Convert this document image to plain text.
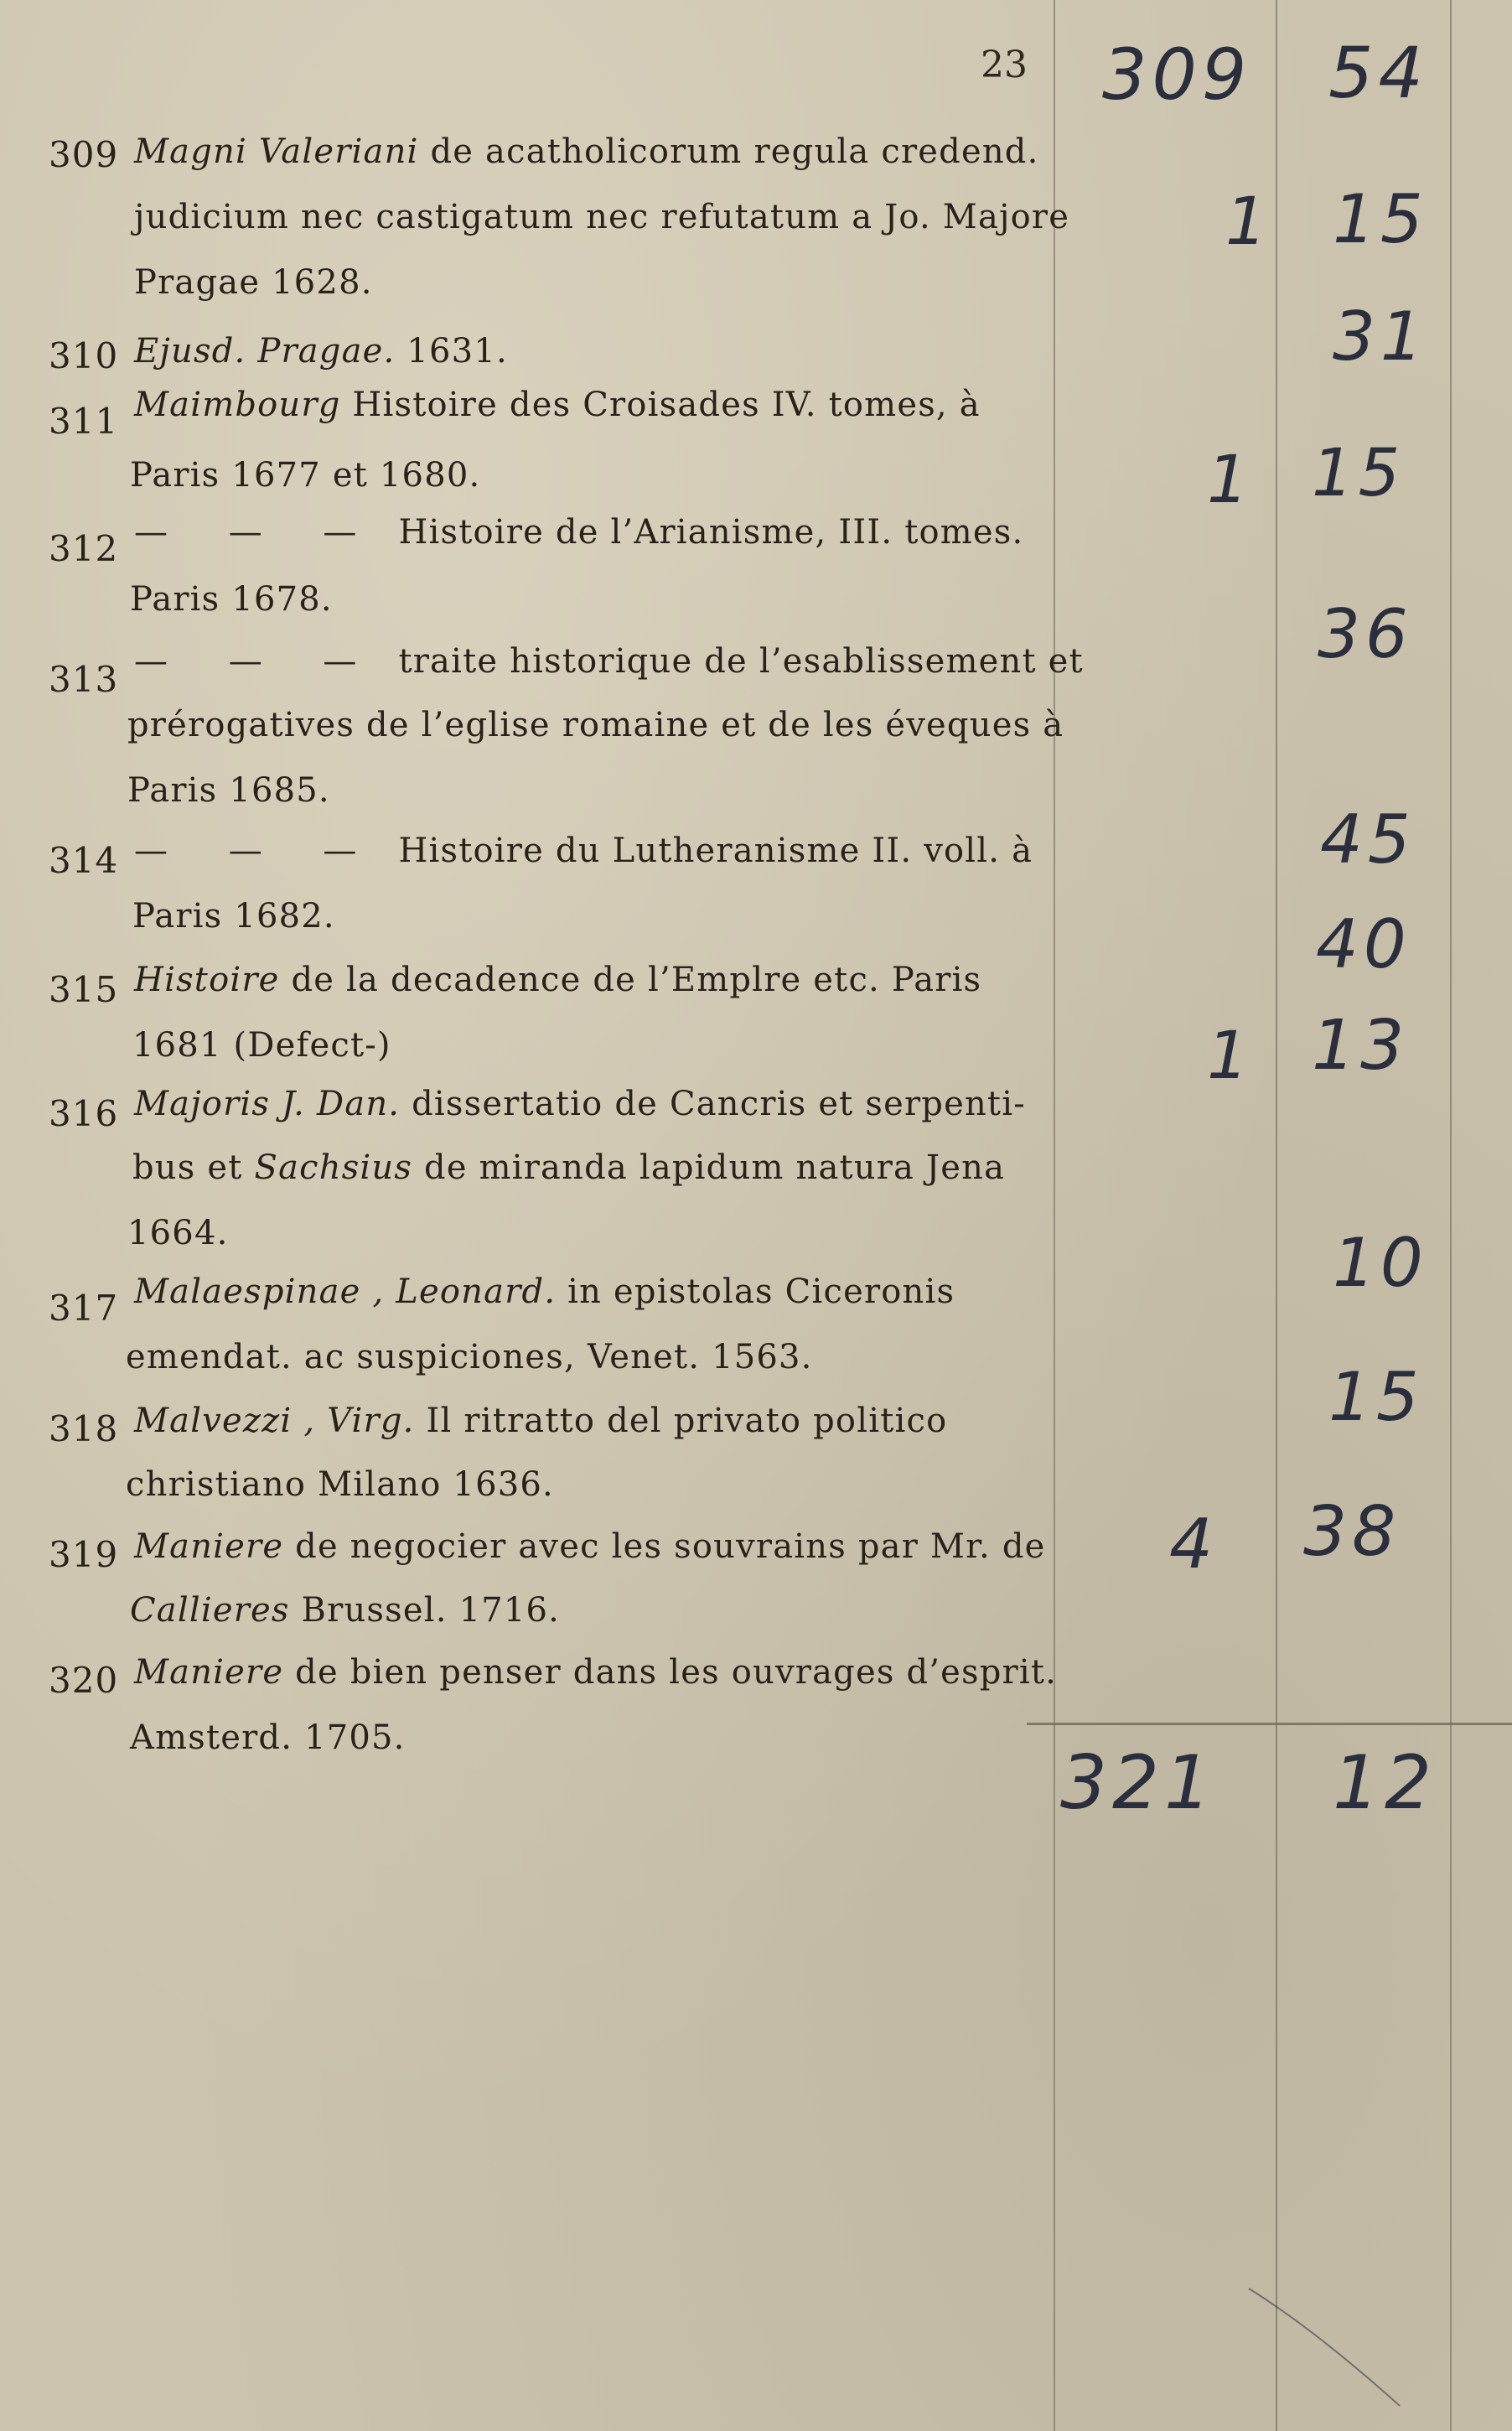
23
309 Magni Valeriani de acatholicorum regula credend.
judicium nec castigatum nec refutatum a Jo. Majore
Pragae 1628.
310 Ejusd. Pragae. 1631.
311 Maimbourg Histoire des Croisades IV. tomes, à
Paris 1677 et 1680.
312 — — — Histoire de l’Arianisme, III. tomes.
Paris 1678.
313 — — — traite historique de l’esablissement et
prérogatives de l’eglise romaine et de les éveques à
Paris 1685.
314 — — — Histoire du Lutheranisme II. voll. à
Paris 1682.
315 Histoire de la decadence de l’Emplre etc. Paris
1681 (Defect-)
316 Majoris J. Dan. dissertatio de Cancris et serpenti-
bus et Sachsius de miranda lapidum natura Jena
1664.
317 Malaespinae , Leonard. in epistolas Ciceronis
emendat. ac suspiciones, Venet. 1563.
318 Malvezzi , Virg. Il ritratto del privato politico
christiano Milano 1636.
319 Maniere de negocier avec les souvrains par Mr. de
Callieres Brussel. 1716.
320 Maniere de bien penser dans les ouvrages d’esprit.
Amsterd. 1705.
309 54
1 15
31
1 15
36
45
40
1 13
10
15
4 38
321 12
